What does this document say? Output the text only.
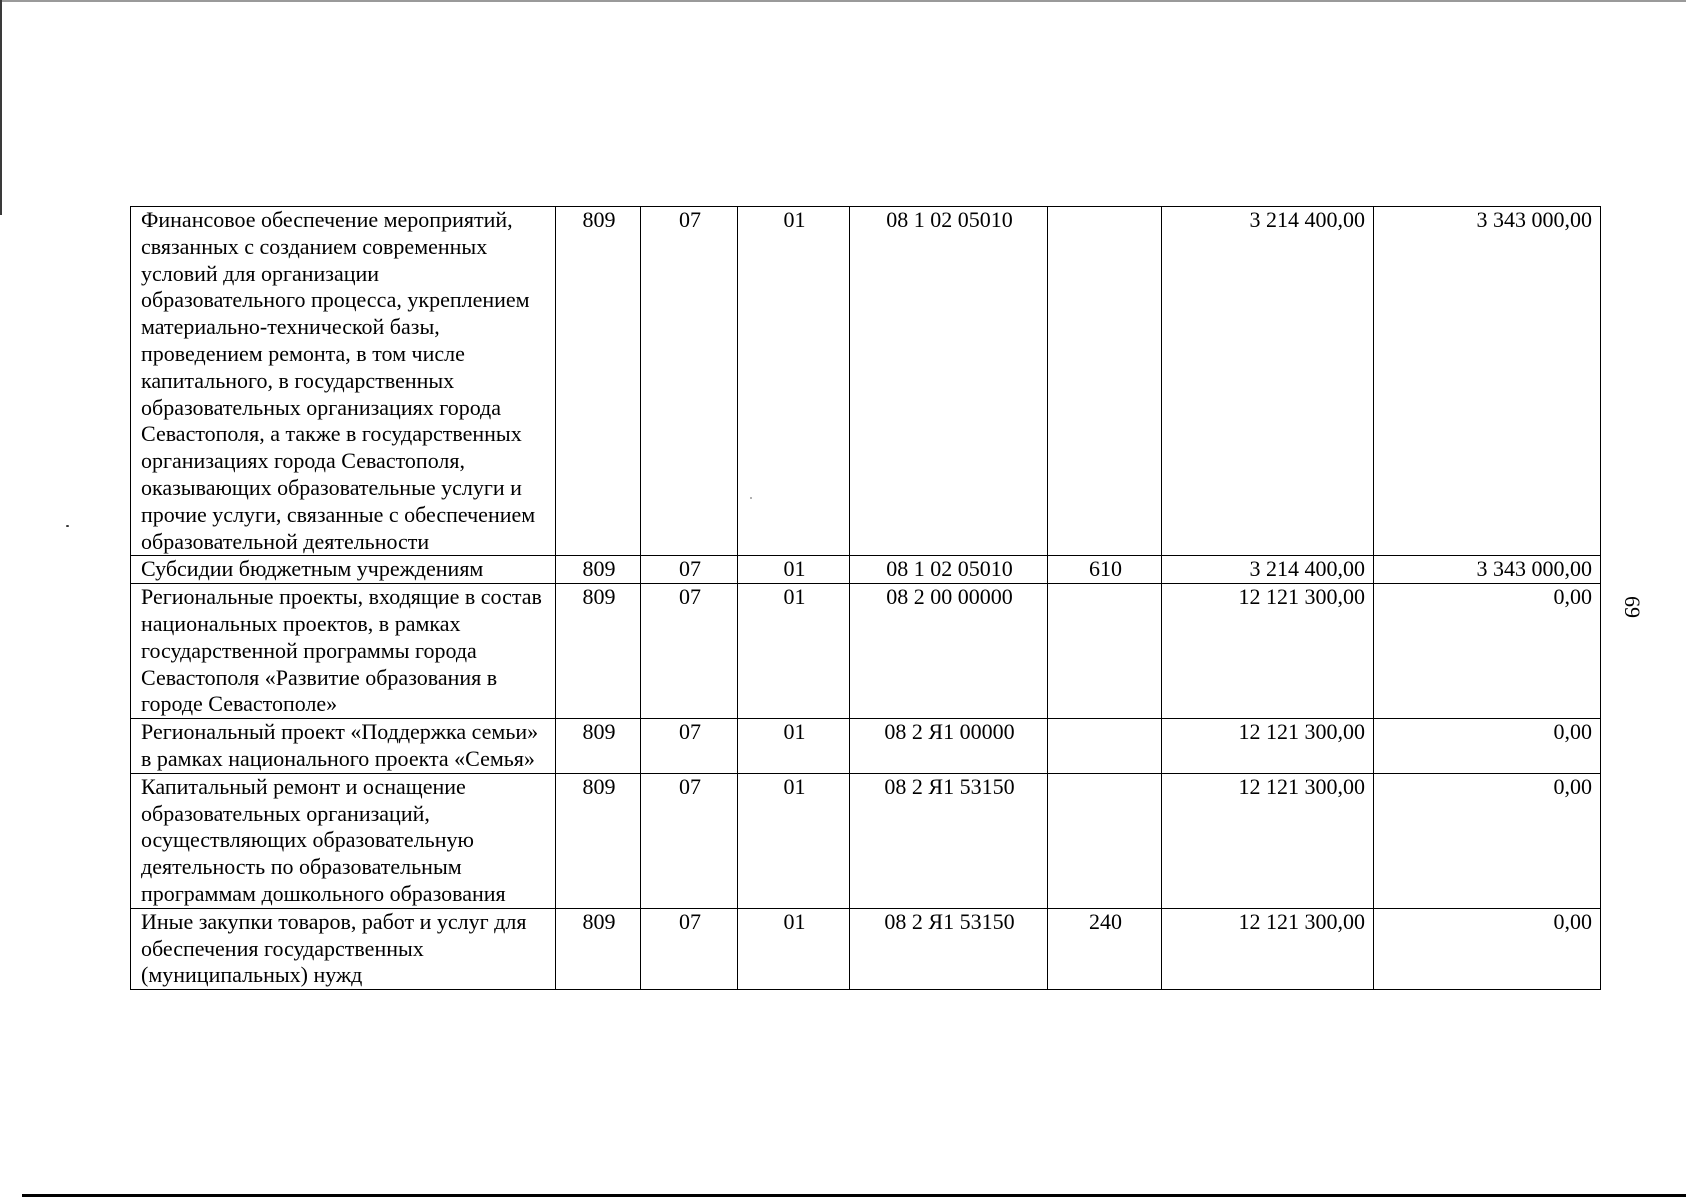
Финансовое обеспечение мероприятий, связанных с созданием современных условий для организации образовательного процесса, укреплением материально-технической базы, проведением ремонта, в том числе капитального, в государственных образовательных организациях города Севастополя, а также в государственных организациях города Севастополя, оказывающих образовательные услуги и прочие услуги, связанные с обеспечением образовательной деятельности	809	07	01	08 1 02 05010		3 214 400,00	3 343 000,00
Субсидии бюджетным учреждениям	809	07	01	08 1 02 05010	610	3 214 400,00	3 343 000,00
Региональные проекты, входящие в состав национальных проектов, в рамках государственной программы города Севастополя «Развитие образования в городе Севастополе»	809	07	01	08 2 00 00000		12 121 300,00	0,00
Региональный проект «Поддержка семьи» в рамках национального проекта «Семья»	809	07	01	08 2 Я1 00000		12 121 300,00	0,00
Капитальный ремонт и оснащение образовательных организаций, осуществляющих образовательную деятельность по образовательным программам дошкольного образования	809	07	01	08 2 Я1 53150		12 121 300,00	0,00
Иные закупки товаров, работ и услуг для обеспечения государственных (муниципальных) нужд	809	07	01	08 2 Я1 53150	240	12 121 300,00	0,00
69
